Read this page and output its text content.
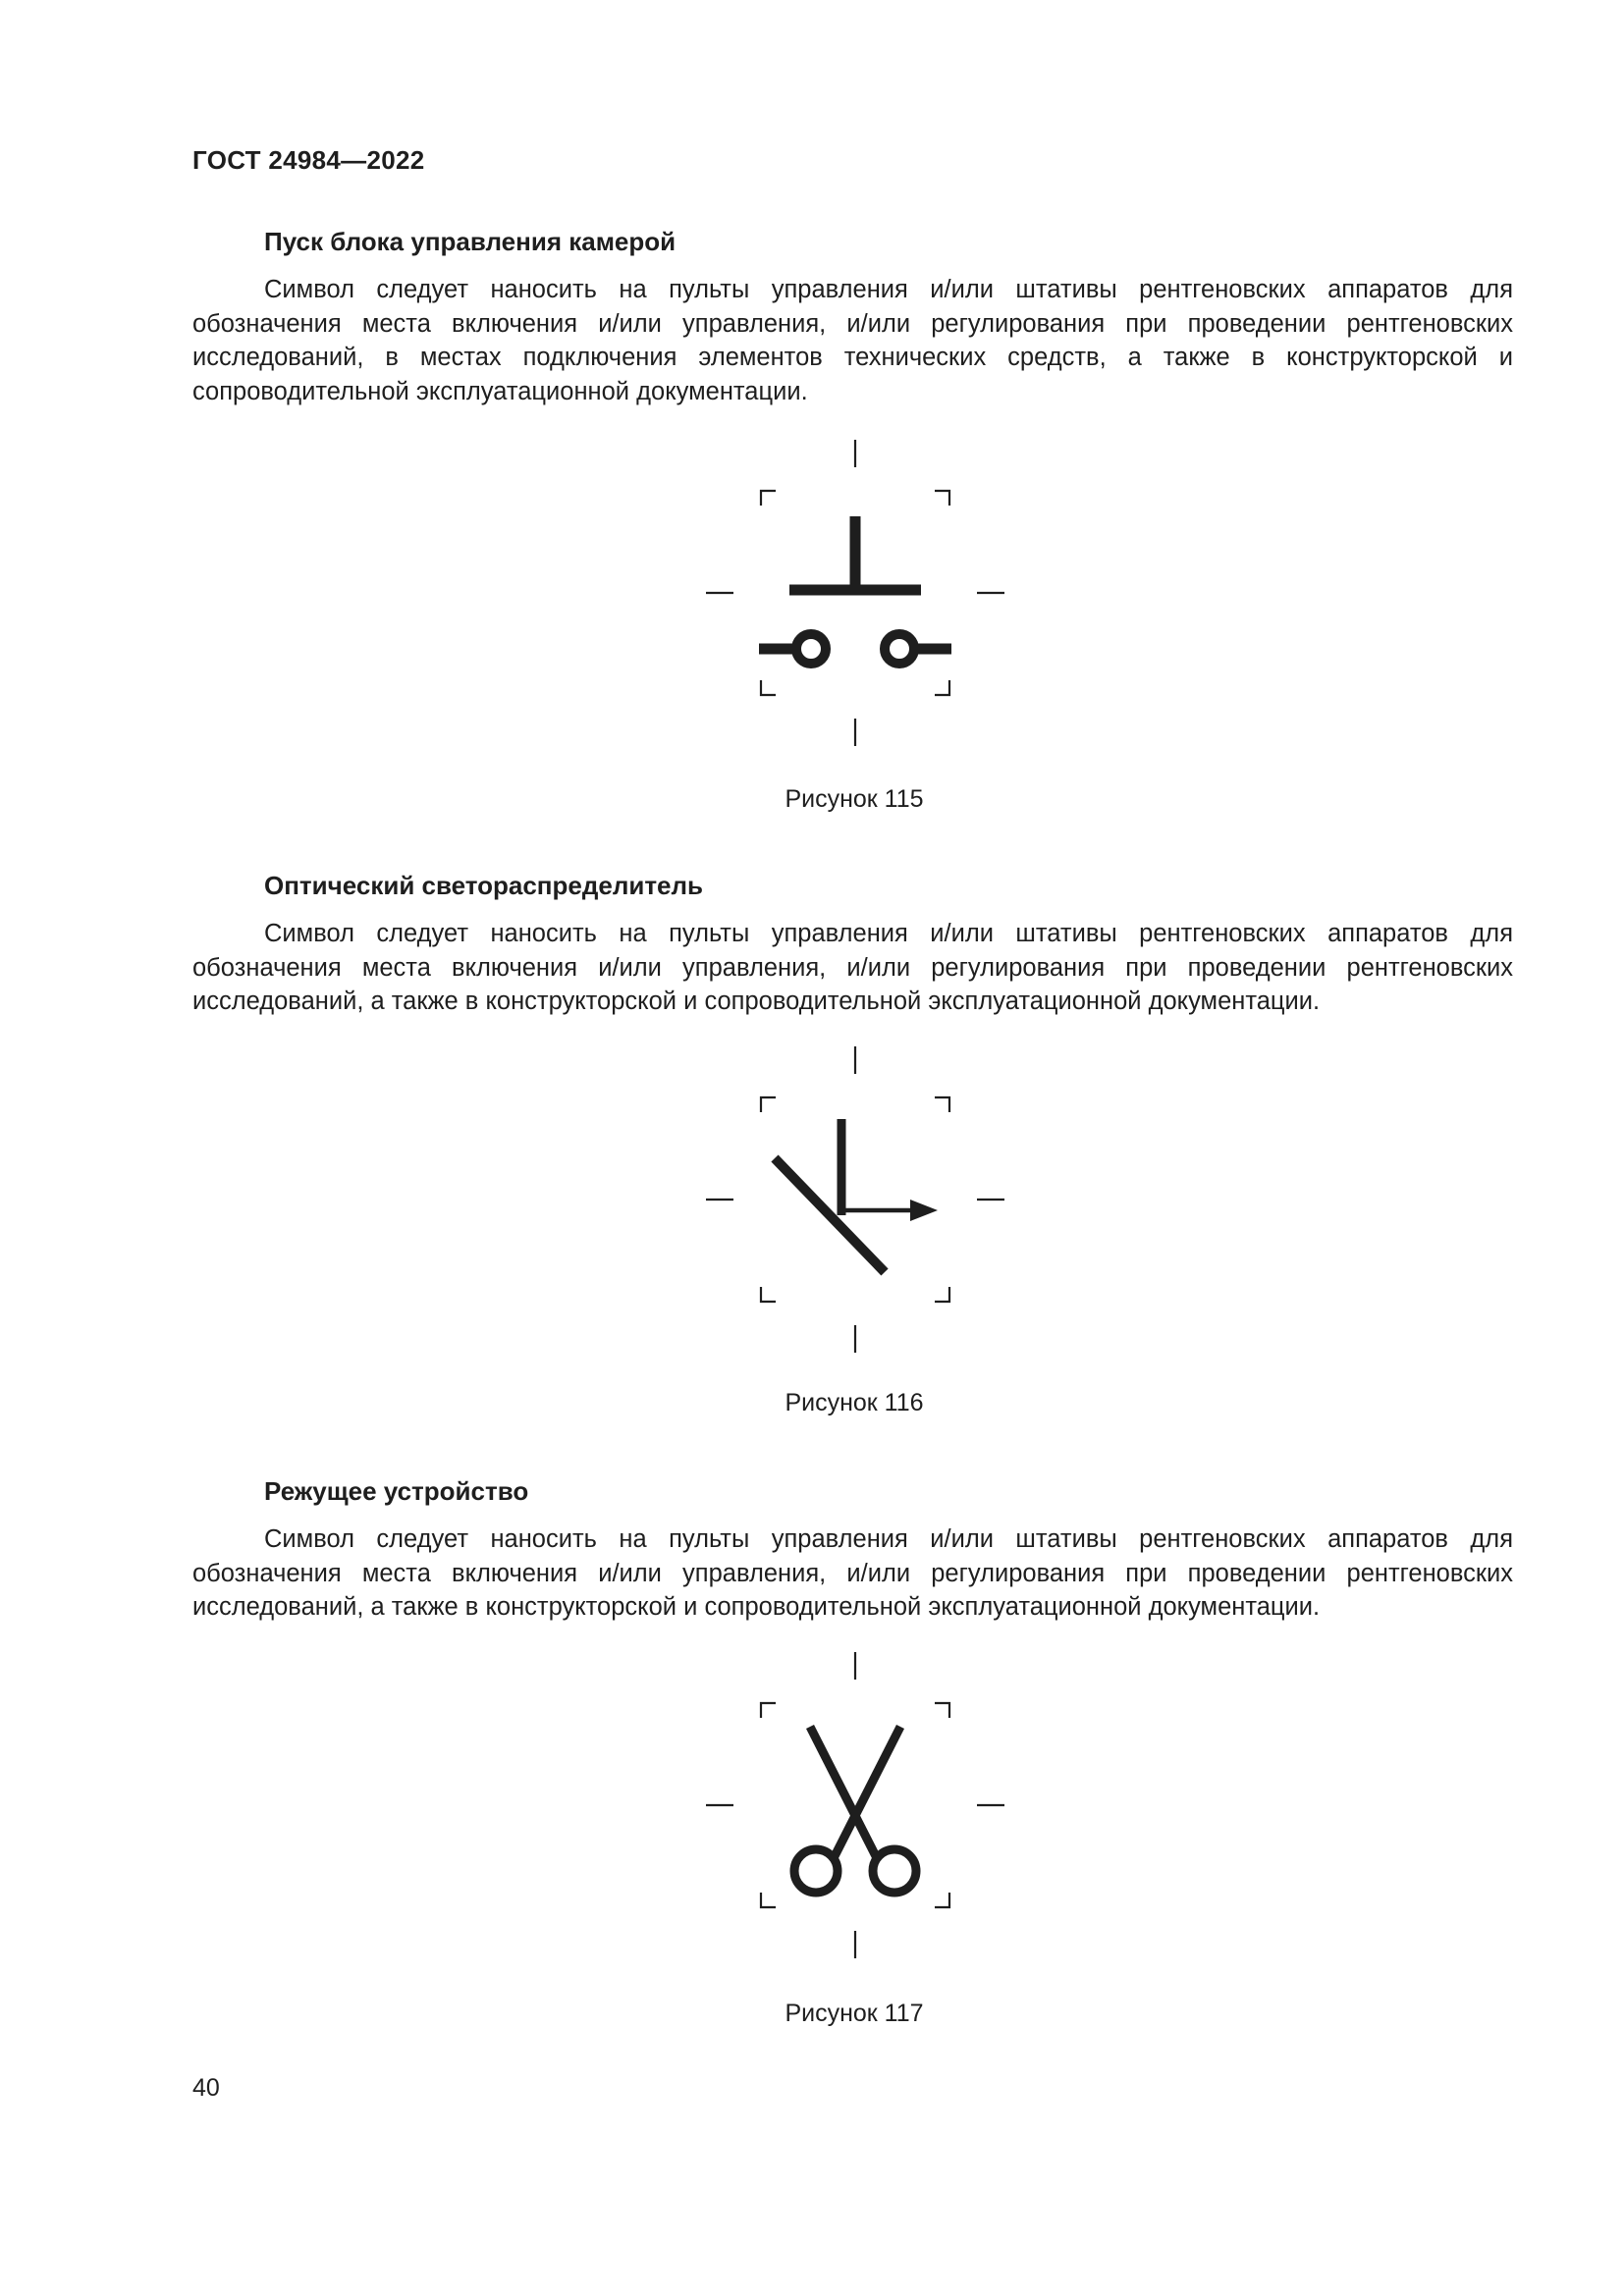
ГОСТ 24984—2022

Пуск блока управления камерой

Символ следует наносить на пульты управления и/или штативы рентгеновских аппаратов для обозначения места включения и/или управления, и/или регулирования при проведении рентгеновских исследований, в местах подключения элементов технических средств, а также в конструкторской и сопроводительной эксплуатационной документации.

Рисунок 115

Оптический светораспределитель

Символ следует наносить на пульты управления и/или штативы рентгеновских аппаратов для обозначения места включения и/или управления, и/или регулирования при проведении рентгеновских исследований, а также в конструкторской и сопроводительной эксплуатационной документации.

Рисунок 116

Режущее устройство

Символ следует наносить на пульты управления и/или штативы рентгеновских аппаратов для обозначения места включения и/или управления, и/или регулирования при проведении рентгеновских исследований, а также в конструкторской и сопроводительной эксплуатационной документации.

Рисунок 117

40
